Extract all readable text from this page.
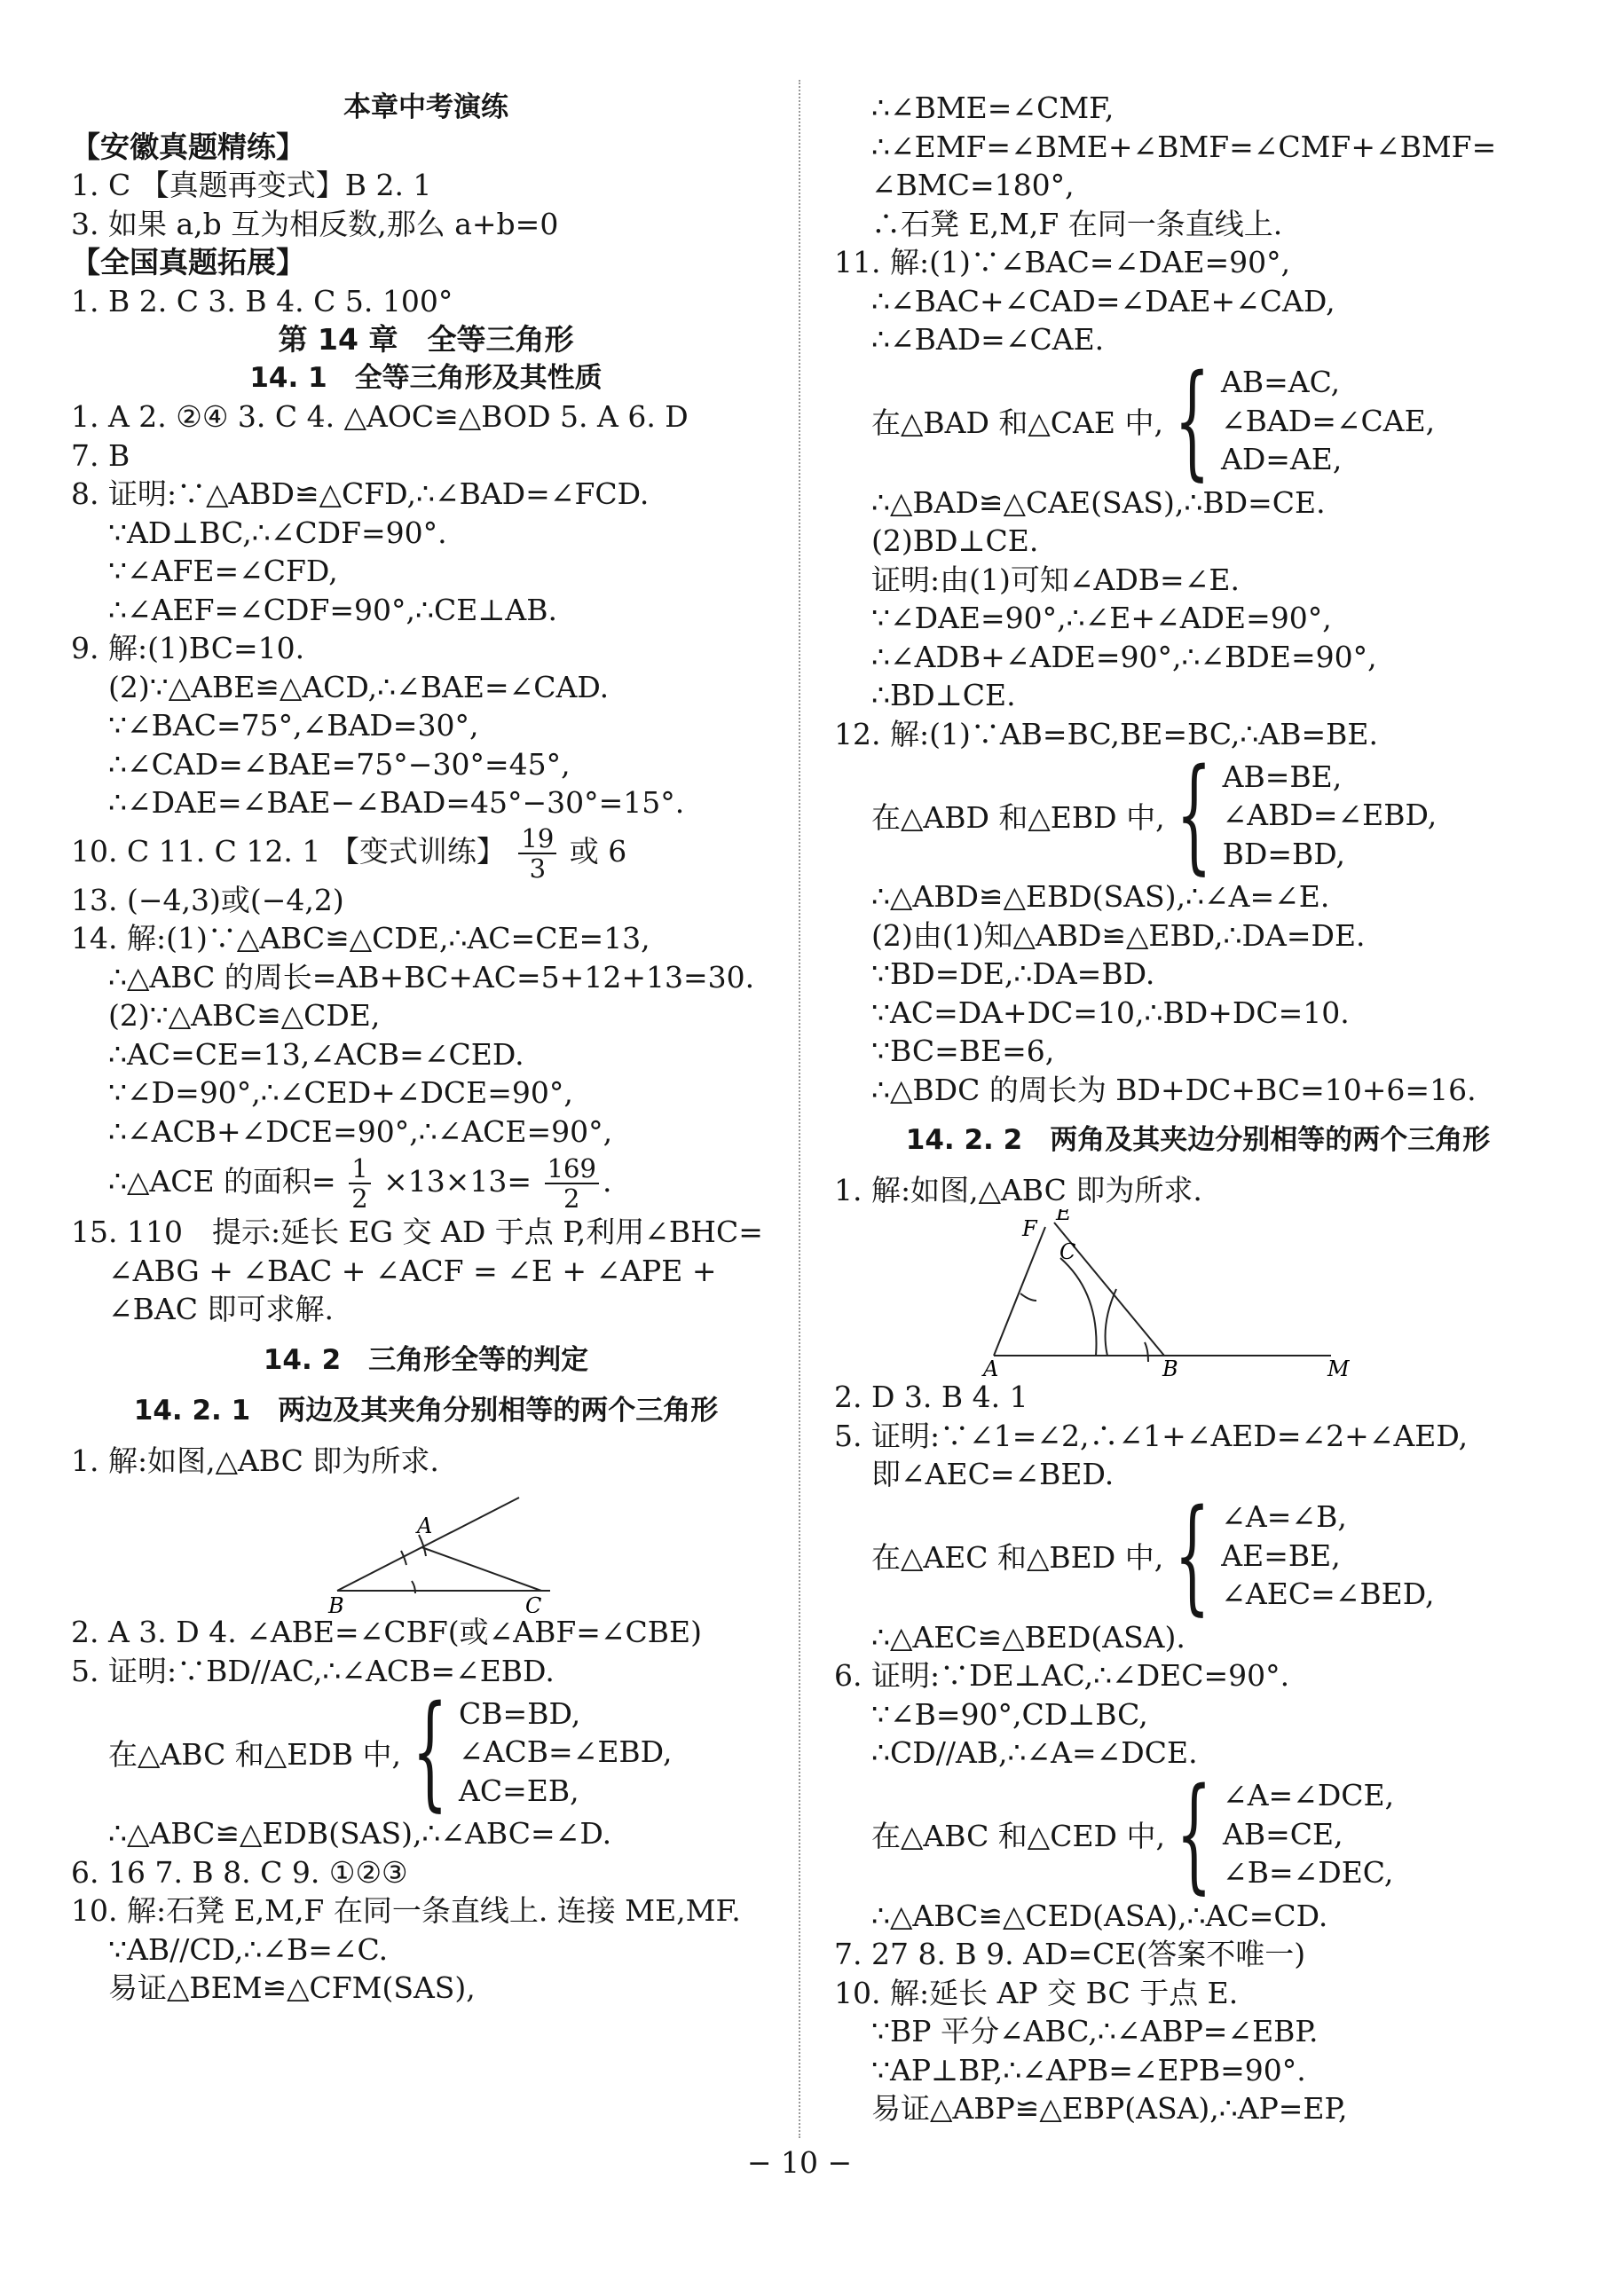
本章中考演练
【安徽真题精练】
1. C 【真题再变式】B 2. 1
3. 如果 a,b 互为相反数,那么 a+b=0
【全国真题拓展】
1. B 2. C 3. B 4. C 5. 100°
第 14 章　全等三角形
14. 1　全等三角形及其性质
1. A 2. ②④ 3. C 4. △AOC≌△BOD 5. A 6. D
7. B
8. 证明:∵△ABD≌△CFD,∴∠BAD=∠FCD.
∵AD⊥BC,∴∠CDF=90°.
∵∠AFE=∠CFD,
∴∠AEF=∠CDF=90°,∴CE⊥AB.
9. 解:(1)BC=10.
(2)∵△ABE≌△ACD,∴∠BAE=∠CAD.
∵∠BAC=75°,∠BAD=30°,
∴∠CAD=∠BAE=75°−30°=45°,
∴∠DAE=∠BAE−∠BAD=45°−30°=15°.
10. C 11. C 12. 1 【变式训练】 $\frac{19}{3}$ 或 6
13. (−4,3)或(−4,2)
14. 解:(1)∵△ABC≌△CDE,∴AC=CE=13,
∴△ABC 的周长=AB+BC+AC=5+12+13=30.
(2)∵△ABC≌△CDE,
∴AC=CE=13,∠ACB=∠CED.
∵∠D=90°,∴∠CED+∠DCE=90°,
∴∠ACB+∠DCE=90°,∴∠ACE=90°,
∴△ACE 的面积= $\frac{1}{2} \times 13\times 13= \frac{169}{2}$ .
15. 110　提示:延长 EG 交 AD 于点 P,利用∠BHC=
∠ABG + ∠BAC + ∠ACF = ∠E + ∠APE +
∠BAC 即可求解.
14. 2　三角形全等的判定
14. 2. 1　两边及其夹角分别相等的两个三角形
1. 解:如图,△ABC 即为所求.
A
B	C
2. A 3. D 4. ∠ABE=∠CBF(或∠ABF=∠CBE)
5. 证明:∵BD//AC,∴∠ACB=∠EBD.
在△ABC 和△EDB 中, { CB=BD,
∠ACB=∠EBD,
AC=EB,
∴△ABC≌△EDB(SAS),∴∠ABC=∠D.
6. 16 7. B 8. C 9. ①②③
10. 解:石凳 E,M,F 在同一条直线上. 连接 ME,MF.
∵AB//CD,∴∠B=∠C.
易证△BEM≌△CFM(SAS),
∴∠BME=∠CMF,
∴∠EMF=∠BME+∠BMF=∠CMF+∠BMF=
∠BMC=180°,
∴石凳 E,M,F 在同一条直线上.
11. 解:(1)∵∠BAC=∠DAE=90°,
∴∠BAC+∠CAD=∠DAE+∠CAD,
∴∠BAD=∠CAE.
在△BAD 和△CAE 中, { AB=AC,
∠BAD=∠CAE,
AD=AE,
∴△BAD≌△CAE(SAS),∴BD=CE.
(2)BD⊥CE.
证明:由(1)可知∠ADB=∠E.
∵∠DAE=90°,∴∠E+∠ADE=90°,
∴∠ADB+∠ADE=90°,∴∠BDE=90°,
∴BD⊥CE.
12. 解:(1)∵AB=BC,BE=BC,∴AB=BE.
在△ABD 和△EBD 中, { AB=BE,
∠ABD=∠EBD,
BD=BD,
∴△ABD≌△EBD(SAS),∴∠A=∠E.
(2)由(1)知△ABD≌△EBD,∴DA=DE.
∵BD=DE,∴DA=BD.
∵AC=DA+DC=10,∴BD+DC=10.
∵BC=BE=6,
∴△BDC 的周长为 BD+DC+BC=10+6=16.
14. 2. 2　两角及其夹边分别相等的两个三角形
1. 解:如图,△ABC 即为所求.
F
E
C
A	B	M
2. D 3. B 4. 1
5. 证明:∵∠1=∠2,∴∠1+∠AED=∠2+∠AED,
即∠AEC=∠BED.
在△AEC 和△BED 中, { ∠A=∠B,
AE=BE,
∠AEC=∠BED,
∴△AEC≌△BED(ASA).
6. 证明:∵DE⊥AC,∴∠DEC=90°.
∵∠B=90°,CD⊥BC,
∴CD//AB,∴∠A=∠DCE.
在△ABC 和△CED 中, { ∠A=∠DCE,
AB=CE,
∠B=∠DEC,
∴△ABC≌△CED(ASA),∴AC=CD.
7. 27 8. B 9. AD=CE(答案不唯一)
10. 解:延长 AP 交 BC 于点 E.
∵BP 平分∠ABC,∴∠ABP=∠EBP.
∵AP⊥BP,∴∠APB=∠EPB=90°.
易证△ABP≌△EBP(ASA),∴AP=EP,
− 10 −
